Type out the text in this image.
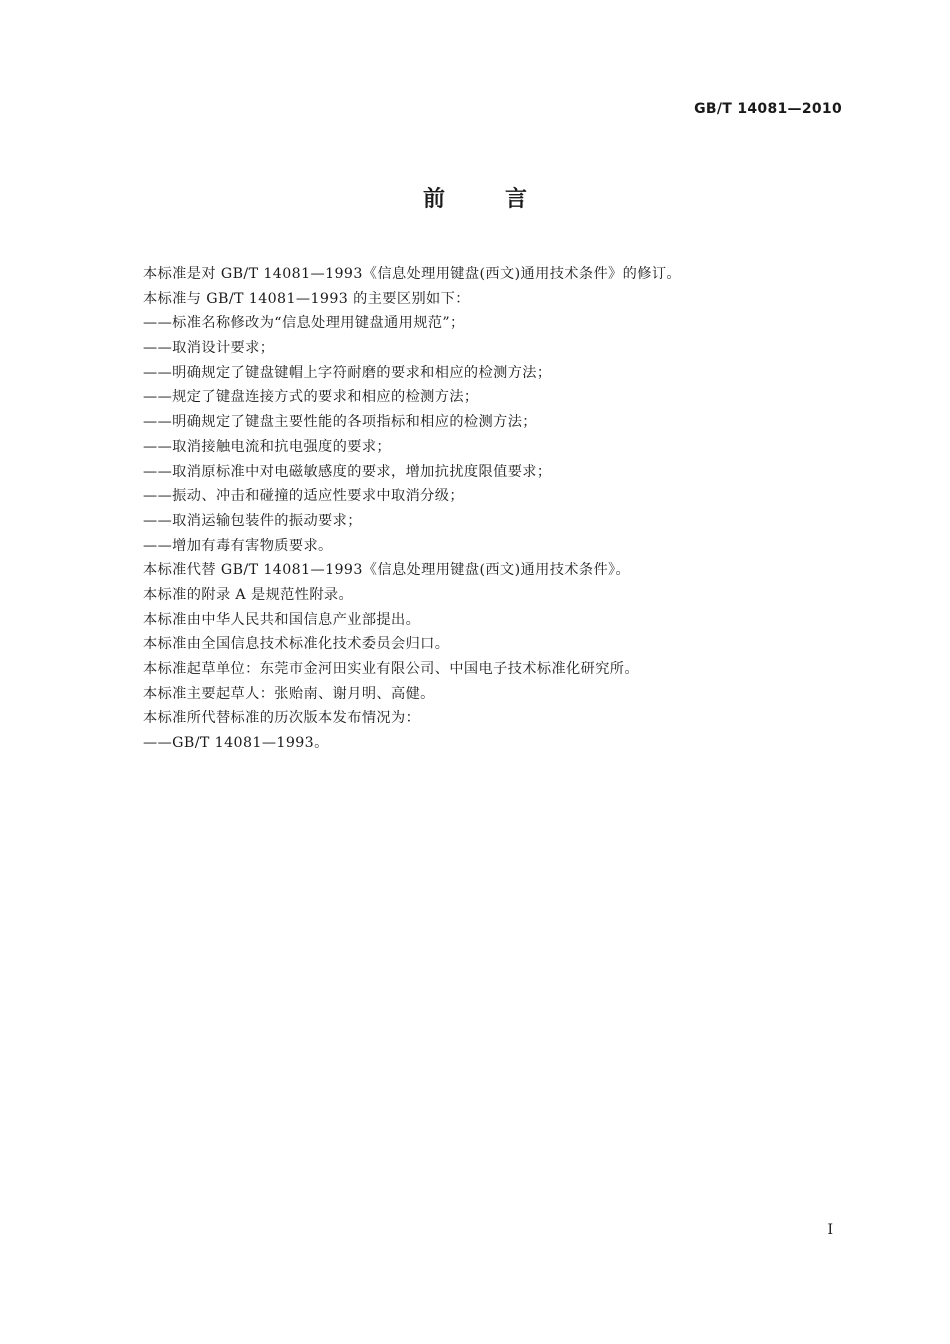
GB/T 14081—2010
前言
本标准是对 GB/T 14081—1993《信息处理用键盘(西文)通用技术条件》的修订。
本标准与 GB/T 14081—1993 的主要区别如下：
——标准名称修改为“信息处理用键盘通用规范”；
——取消设计要求；
——明确规定了键盘键帽上字符耐磨的要求和相应的检测方法；
——规定了键盘连接方式的要求和相应的检测方法；
——明确规定了键盘主要性能的各项指标和相应的检测方法；
——取消接触电流和抗电强度的要求；
——取消原标准中对电磁敏感度的要求，增加抗扰度限值要求；
——振动、冲击和碰撞的适应性要求中取消分级；
——取消运输包装件的振动要求；
——增加有毒有害物质要求。
本标准代替 GB/T 14081—1993《信息处理用键盘(西文)通用技术条件》。
本标准的附录 A 是规范性附录。
本标准由中华人民共和国信息产业部提出。
本标准由全国信息技术标准化技术委员会归口。
本标准起草单位：东莞市金河田实业有限公司、中国电子技术标准化研究所。
本标准主要起草人：张贻南、谢月明、高健。
本标准所代替标准的历次版本发布情况为：
——GB/T 14081—1993。
I
